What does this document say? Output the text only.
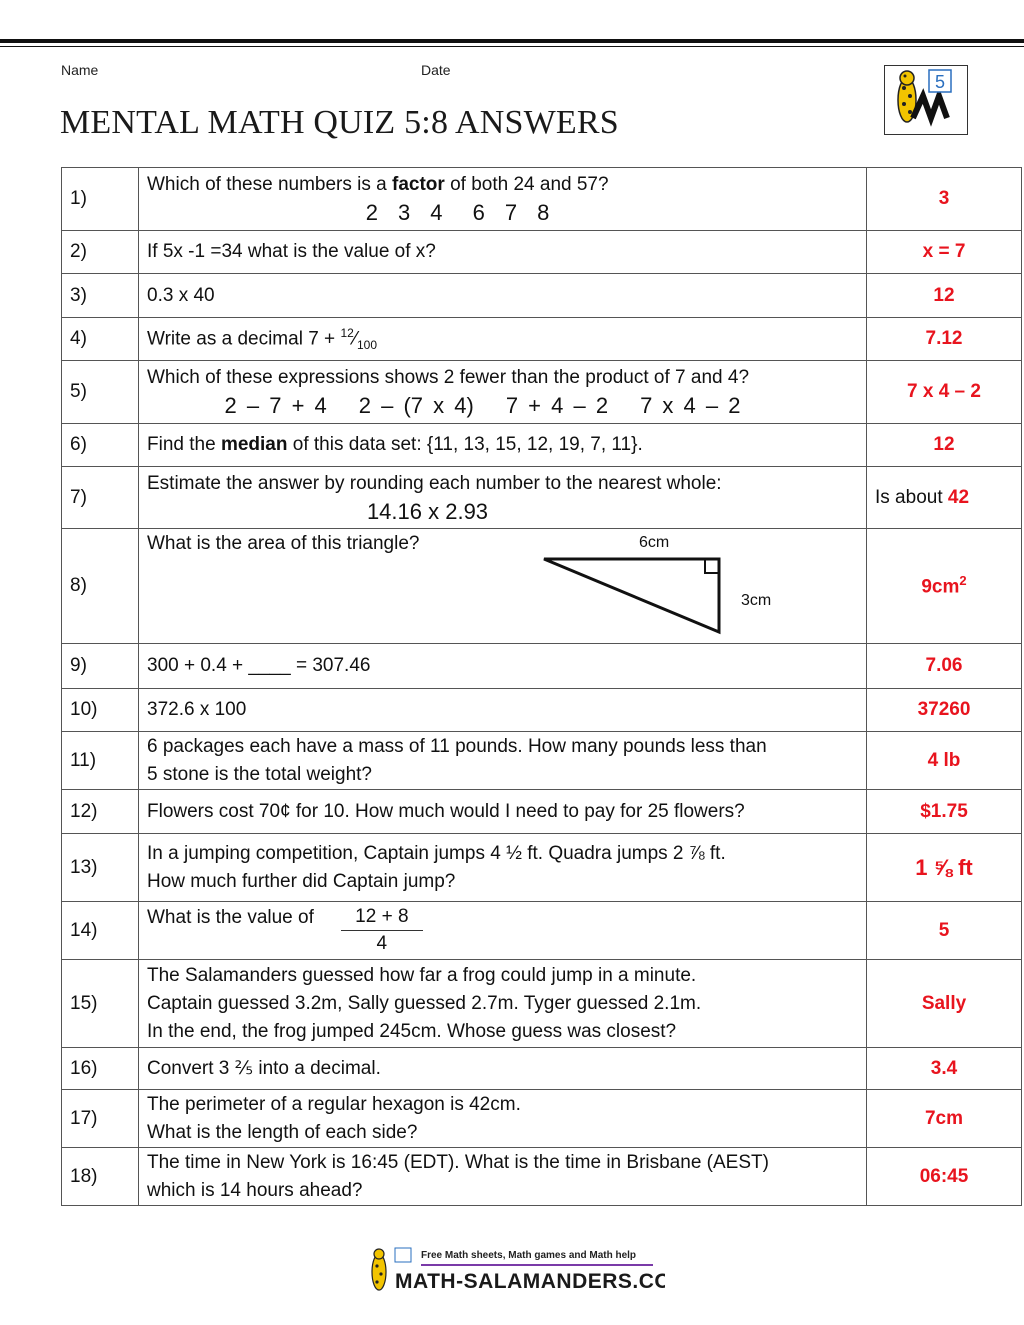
Name	Date
MENTAL MATH QUIZ 5:8 ANSWERS
5
1)	Which of these numbers is a factor of both 24 and 57?
2 3 4 6 7 8	3
2)	If 5x -1 =34 what is the value of x?	x = 7
3)	0.3 x 40	12
4)	Write as a decimal $7 + ^{12}⁄_{100}$	7.12
5)	Which of these expressions shows 2 fewer than the product of 7 and 4?
2 – 7 + 4 2 – (7 x 4) 7 + 4 – 2 7 x 4 – 2	7 x 4 – 2
6)	Find the median of this data set: {11, 13, 15, 12, 19, 7, 11}.	12
7)	Estimate the answer by rounding each number to the nearest whole:
14.16 x 2.93	Is about 42
8)	What is the area of this triangle? 6cm
3cm	$9cm^2$
9)	300 + 0.4 + ____ = 307.46	7.06
10)	372.6 x 100	37260
11)	6 packages each have a mass of 11 pounds. How many pounds less than
5 stone is the total weight?	4 lb
12)	Flowers cost 70¢ for 10. How much would I need to pay for 25 flowers?	$1.75
13)	In a jumping competition, Captain jumps 4 ½ ft. Quadra jumps 2 ⅞ ft.
How much further did Captain jump?	1 ⅝ ft
14)	What is the value of $\frac{12 + 8}{4}$	5
15)	The Salamanders guessed how far a frog could jump in a minute.
Captain guessed 3.2m, Sally guessed 2.7m. Tyger guessed 2.1m.
In the end, the frog jumped 245cm. Whose guess was closest?	Sally
16)	Convert 3 ⅖ into a decimal.	3.4
17)	The perimeter of a regular hexagon is 42cm.
What is the length of each side?	7cm
18)	The time in New York is 16:45 (EDT). What is the time in Brisbane (AEST)
which is 14 hours ahead?	06:45
Free Math sheets, Math games and Math help
MATH-SALAMANDERS.COM
